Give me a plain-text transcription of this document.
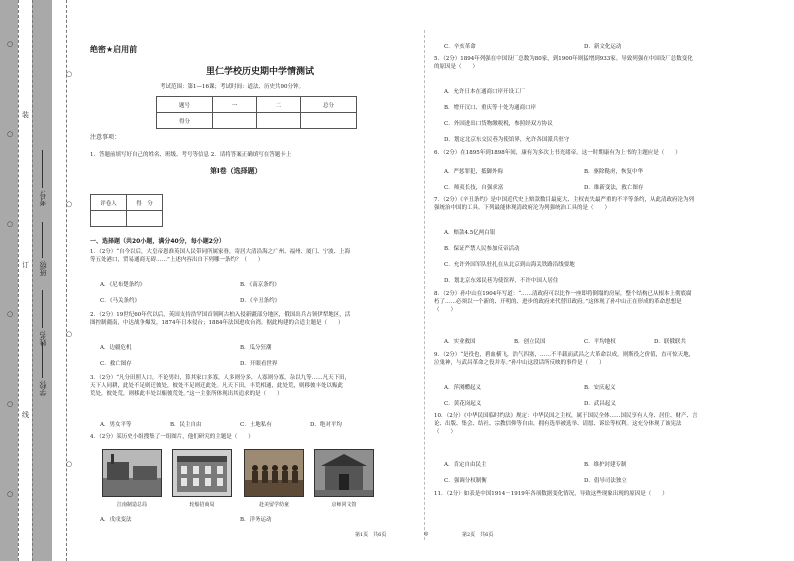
○
○
○
○
○
○
装
订
线
○
○
○
○
考号:
班级:
姓名:
学校:
绝密★启用前
里仁学校历史期中学情测试
考试范围：第1—16课；考试时间：道法、历史共90分钟。
题号	一	二	总分
得分			
注意事项：
1．答题前填写好自己的姓名、班级、考号等信息 2．请将答案正确填写在答题卡上
第Ⅰ卷（选择题）
评卷人	得　分

一、选择题（共20小题，满分40分，每小题2分）
1．（2分）“自今以后，大皇帝恩准英国人民带同所属家眷，寄居大清沿海之广州、福州、厦门、宁波、上海
等五处港口，贸易通商无碍……”上述内容出自下列哪一条约？（　　）
A．《尼布楚条约》	B．《南京条约》
C．《马关条约》	D．《辛丑条约》
2．（2分）19世纪60年代以后，英国支持浩罕国首领阿古柏入侵新疆部分地区，俄国出兵占领伊犁地区，活
图控制疆南，中达战争爆发，1874年日本侵台；1884年法国进攻台湾。据此构建的合适主题是（　　）
A．边疆危机	B．瓜分狂潮
C．救亡图存	D．开眼看世界
3．（2分）“凡分田照人口，不论男妇，算其家口多寡，人多则分多，人寡则分寡，杂以九等……凡天下田，
天下人同耕，此处不足则迁彼处，彼处不足则迁此处。凡天下田，丰荒相通，此处荒，则移彼丰处以赈此
荒处，彼处荒，则移此丰处以赈彼荒处。”这一主张所体现出其追求的是（　　）
A．男女平等	B．民主自由	C．土地私有	D．绝对平均
4．（2分）某历史小组搜集了一组图片，他们研究的主题是（　　）
江南制造总局	轮船招商局	赴美留学幼童	京师同文馆
A．戊戌变法	B．洋务运动
C．辛亥革命	D．新文化运动
5．（2分）1894年列强在中国设厂总数为80家，到1900年则猛增到933家。导致列强在中国设厂总数变化
的原因是（　　）
A．允许日本在通商口岸开设工厂
B．增开汉口、重庆等十处为通商口岸
C．外国进出口货物缴税税，参照经双方协议
D．划定北京东交民巷为使馆界，允许各国派兵驻守
6．（2分）在1895年到1898年间，康有为多次上书光绪帝。这一时期康有为上书的主题应是（　　）
A．严惩罪犯，抵御外侮	B．驱除鞑虏，恢复中华
C．师夷长技，自强求富	D．维新变法，救亡图存
7．（2分）《辛丑条约》是中国近代史上赔款数目最庞大、主权丧失最严重的不平等条约，从此清政府沦为列
强统治中国的工具。下列最能体现清政府沦为列强统治工具的是（　　）
A．赔款4.5亿两白银
B．保证严禁人民参加反帝活动
C．允许外国军队驻扎在从北京到山海关铁路沿线要地
D．划北京东郊民巷为使馆界，不许中国人居住
8．（2分）孙中山在1904年写道：“……清政府可以比作一座即将倒塌的房屋，整个结构已从根本上彻底腐
朽了……必须以一个新的、开明的、进步的政府来代替旧政府。”这体现了孙中山正在形成的革命思想是
（　　）
A．实业救国	B．创立民国	C．平均地权	D．联俄联共
9．（2分）“是役也，碧血横飞，浩气四塞，……不半载而武昌之大革命以成，则斯役之价值，直可惊天地，
泣鬼神，与武昌革命之役并寿。”孙中山这段话所反映的事件是（　　）
A．萍浏醴起义	B．安庆起义
C．黄花岗起义	D．武昌起义
10．（2分）《中华民国临时约法》规定：中华民国之主权，属于国民全体……国民享有人身、居住、财产、言
论、出版、集会、结社、宗教信仰等自由，拥有选举被选举、请愿、诉讼等权利。这充分体现了该宪法
（　　）
A．肯定自由民主	B．维护封建专制
C．强调分权制衡	D．倡导司法独立
11．（2分）如表是中国1914－1919年各项数据变化情况，导致这些现象出现的原因是（　　）
第1页　共6页	◎	第2页　共6页
